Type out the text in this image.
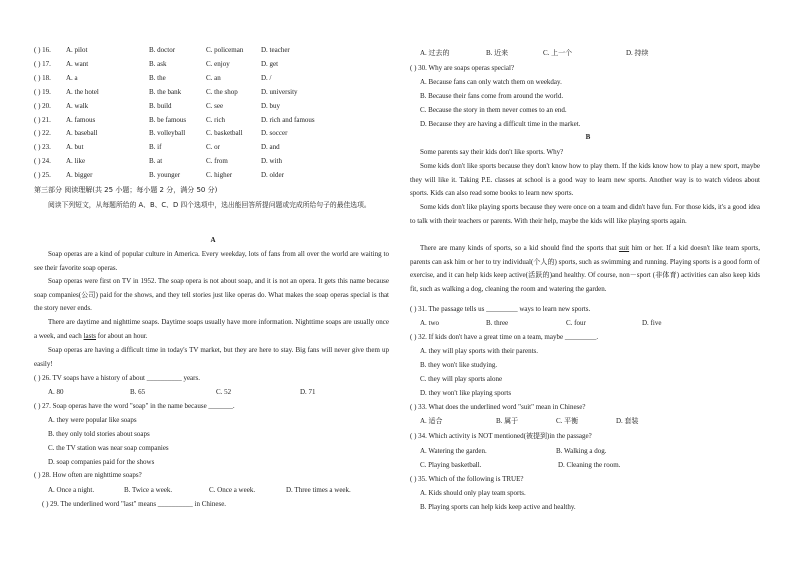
( ) 16. A. pilot	B. doctor	C. policeman	D. teacher
( ) 17. A. want	B. ask	C. enjoy	D. get
( ) 18. A. a	B. the	C. an	D. /
( ) 19. A. the hotel	B. the bank	C. the shop	D. university
( ) 20. A. walk	B. build	C. see	D. buy
( ) 21. A. famous	B. be famous	C. rich	D. rich and famous
( ) 22. A. baseball	B. volleyball	C. basketball	D. soccer
( ) 23. A. but	B. if	C. or	D. and
( ) 24. A. like	B. at	C. from	D. with
( ) 25. A. bigger	B. younger	C. higher	D. older
第三部分 阅读理解(共 25 小题；每小题 2 分，满分 50 分)
阅读下列短文，从每题所给的 A、B、C、D 四个选项中，选出能回答所提问题或完成所给句子的最佳选项。
A
Soap operas are a kind of popular culture in America. Every weekday, lots of fans from all over the world are waiting to see their favorite soap operas.
Soap operas were first on TV in 1952. The soap opera is not about soap, and it is not an opera. It gets this name because soap companies(公司) paid for the shows, and they tell stories just like operas do. What makes the soap operas special is that the story never ends.
There are daytime and nighttime soaps. Daytime soaps usually have more information. Nighttime soaps are usually once a week, and each lasts for about an hour.
Soap operas are having a difficult time in today's TV market, but they are here to stay. Big fans will never give them up easily!
( ) 26. TV soaps have a history of about __________ years.
A. 80	B. 65	C. 52	D. 71
( ) 27. Soap operas have the word "soap" in the name because _______.
A. they were popular like soaps
B. they only told stories about soaps
C. the TV station was near soap companies
D. soap companies paid for the shows
( ) 28. How often are nighttime soaps?
A. Once a night.	B. Twice a week.	C. Once a week.	D. Three times a week.
( ) 29. The underlined word "last" means __________ in Chinese.
A. 过去的	B. 近来	C. 上一个	D. 持续
( ) 30. Why are soaps operas special?
A. Because fans can only watch them on weekday.
B. Because their fans come from around the world.
C. Because the story in them never comes to an end.
D. Because they are having a difficult time in the market.
B
Some parents say their kids don't like sports. Why?
Some kids don't like sports because they don't know how to play them. If the kids know how to play a new sport, maybe they will like it. Taking P.E. classes at school is a good way to learn new sports. Another way is to watch videos about sports. Kids can also read some books to learn new sports.
Some kids don't like playing sports because they were once on a team and didn't have fun. For those kids, it's a good idea to talk with their teachers or parents. With their help, maybe the kids will like playing sports again.
There are many kinds of sports, so a kid should find the sports that suit him or her. If a kid doesn't like team sports, parents can ask him or her to try individual(个人的) sports, such as swimming and running. Playing sports is a good form of exercise, and it can help kids keep active(活跃的)and healthy. Of course, non－sport (非体育) activities can also keep kids fit, such as walking a dog, cleaning the room and watering the garden.
( ) 31. The passage tells us _________ ways to learn new sports.
A. two	B. three	C. four	D. five
( ) 32. If kids don't have a great time on a team, maybe _________.
A. they will play sports with their parents.
B. they won't like studying.
C. they will play sports alone
D. they won't like playing sports
( ) 33. What does the underlined word "suit" mean in Chinese?
A. 适合	B. 属于	C. 平衡	D. 套装
( ) 34. Which activity is NOT mentioned(被提到)in the passage?
A. Watering the garden.	B. Walking a dog.
C. Playing basketball.	D. Cleaning the room.
( ) 35. Which of the following is TRUE?
A. Kids should only play team sports.
B. Playing sports can help kids keep active and healthy.
